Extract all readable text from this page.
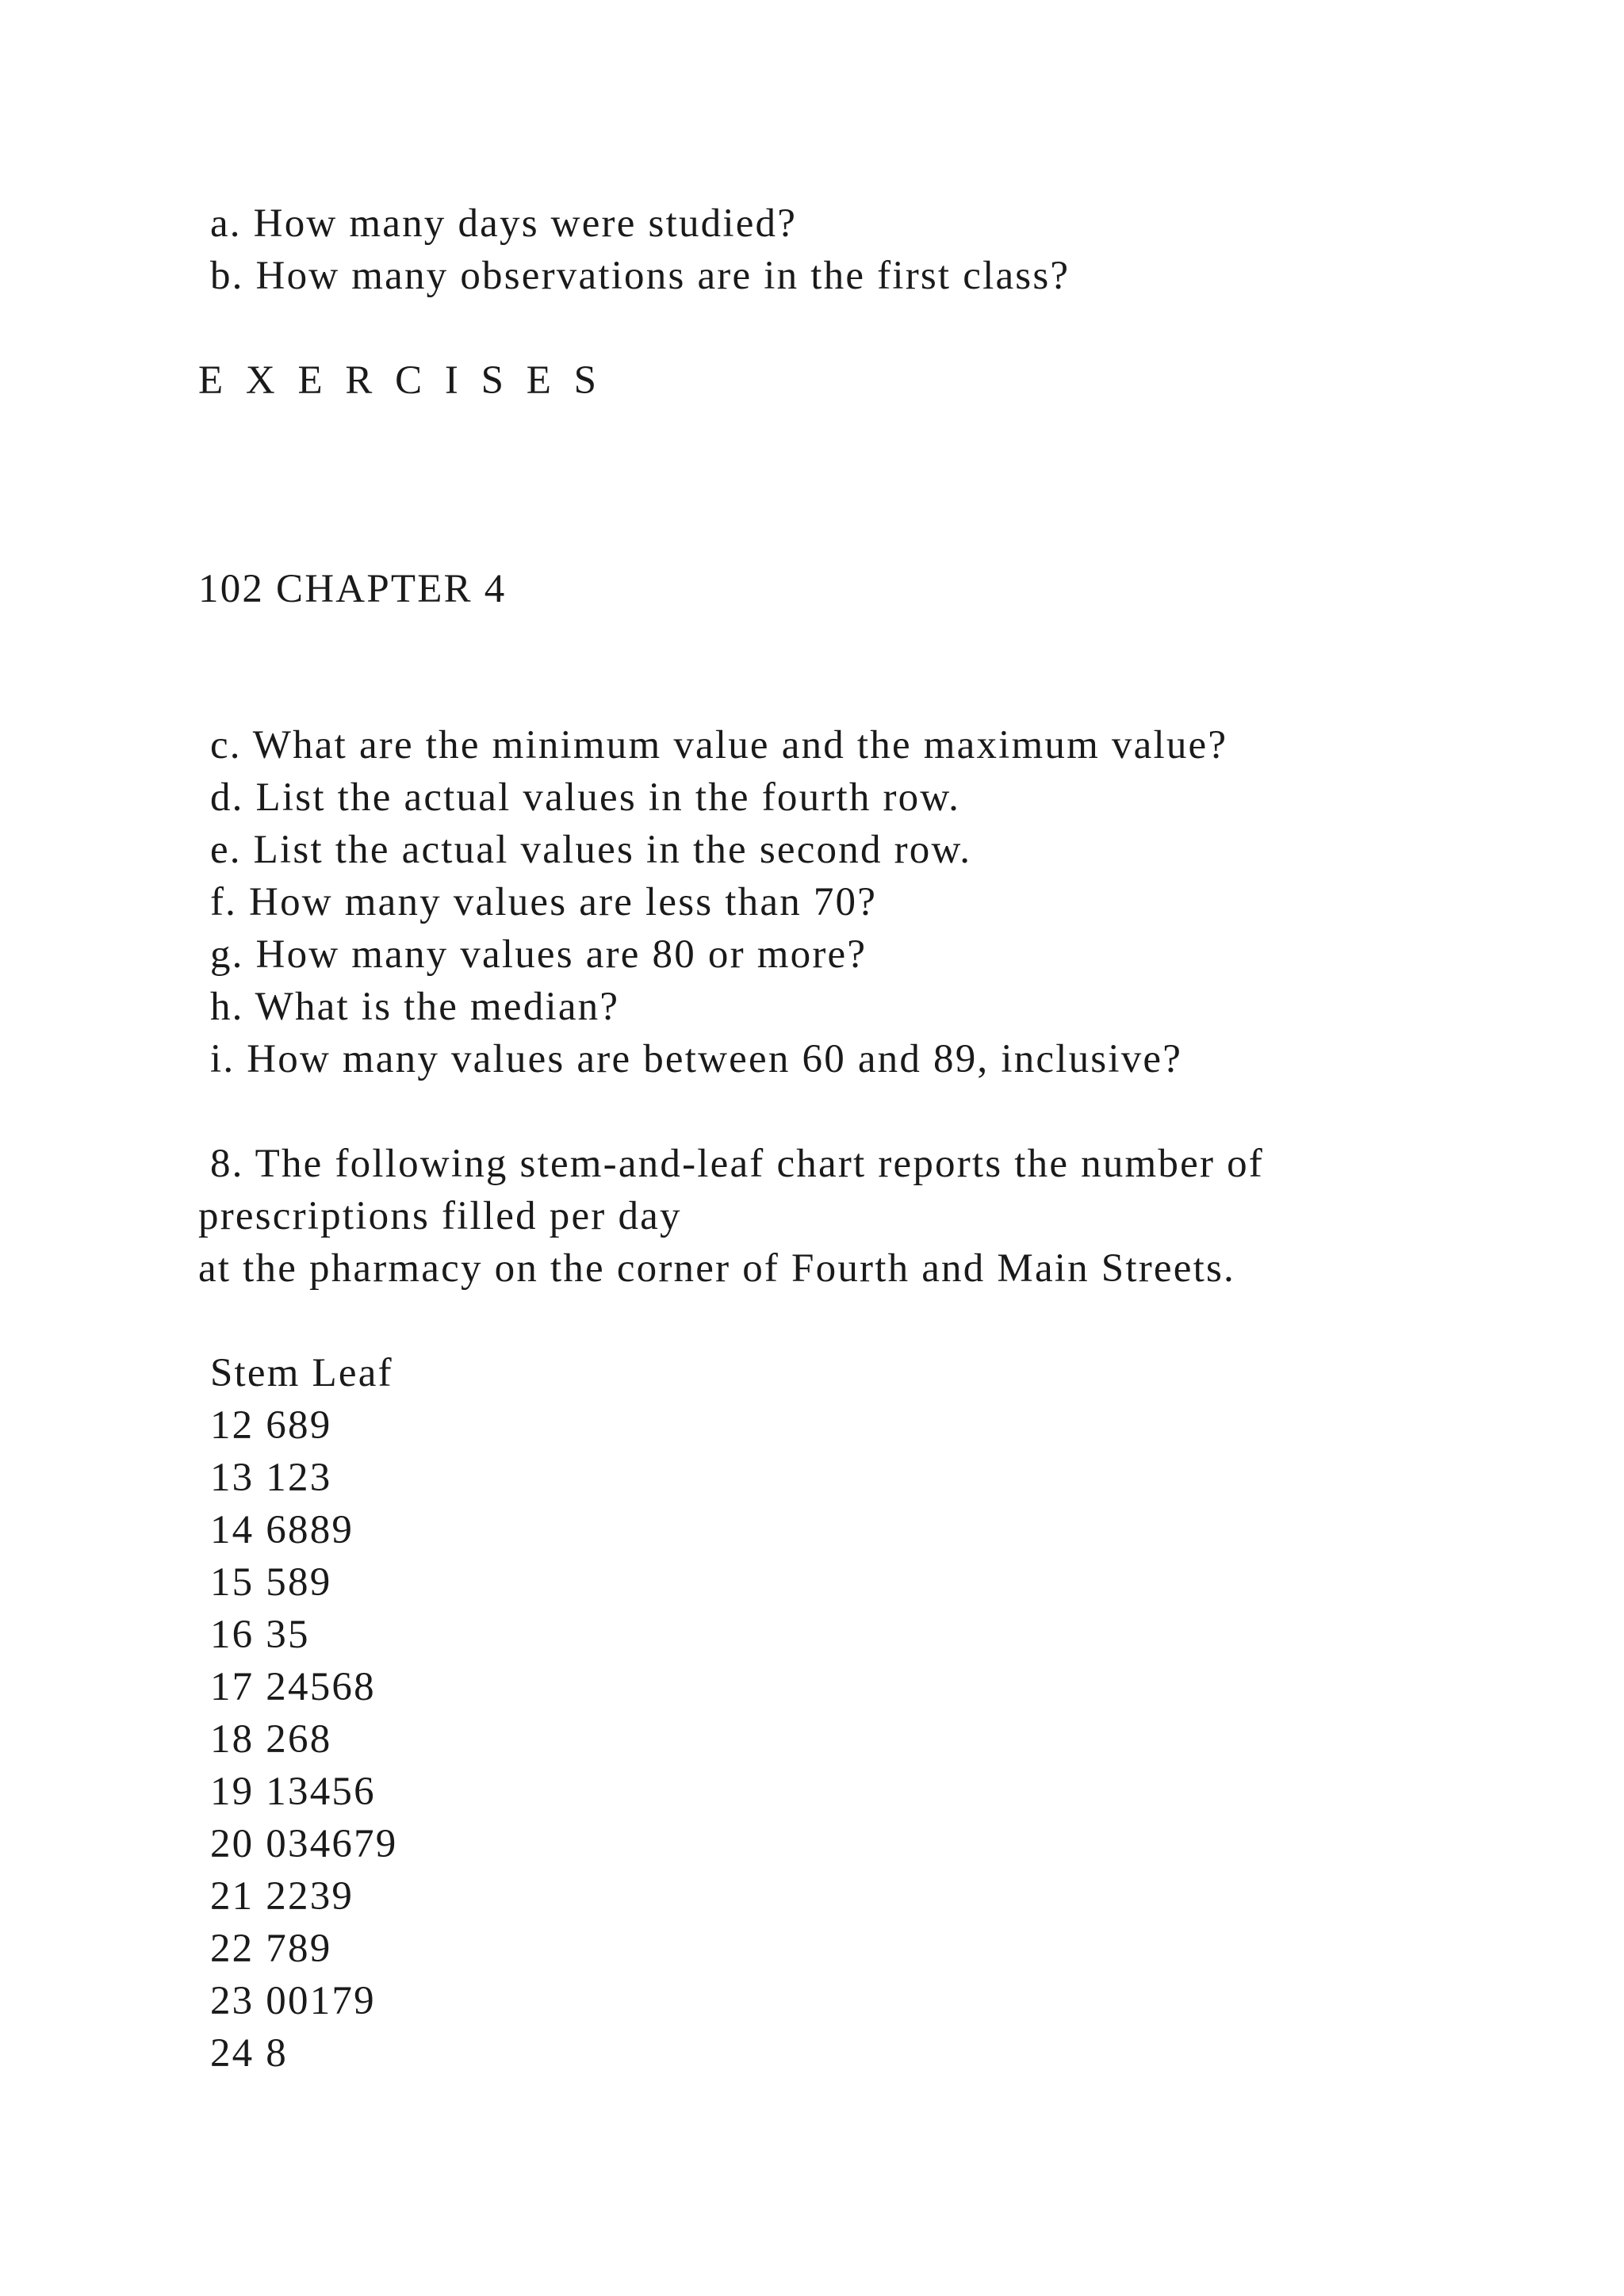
a. How many days were studied?

b. How many observations are in the first class?

E X E R C I S E S

102 CHAPTER 4

c. What are the minimum value and the maximum value?

d. List the actual values in the fourth row.

e. List the actual values in the second row.

f. How many values are less than 70?

g. How many values are 80 or more?

h. What is the median?

i. How many values are between 60 and 89, inclusive?

8. The following stem-and-leaf chart reports the number of

prescriptions filled per day

at the pharmacy on the corner of Fourth and Main Streets.

Stem Leaf

12 689

13 123

14 6889

15 589

16 35

17 24568

18 268

19 13456

20 034679

21 2239

22 789

23 00179

24 8
